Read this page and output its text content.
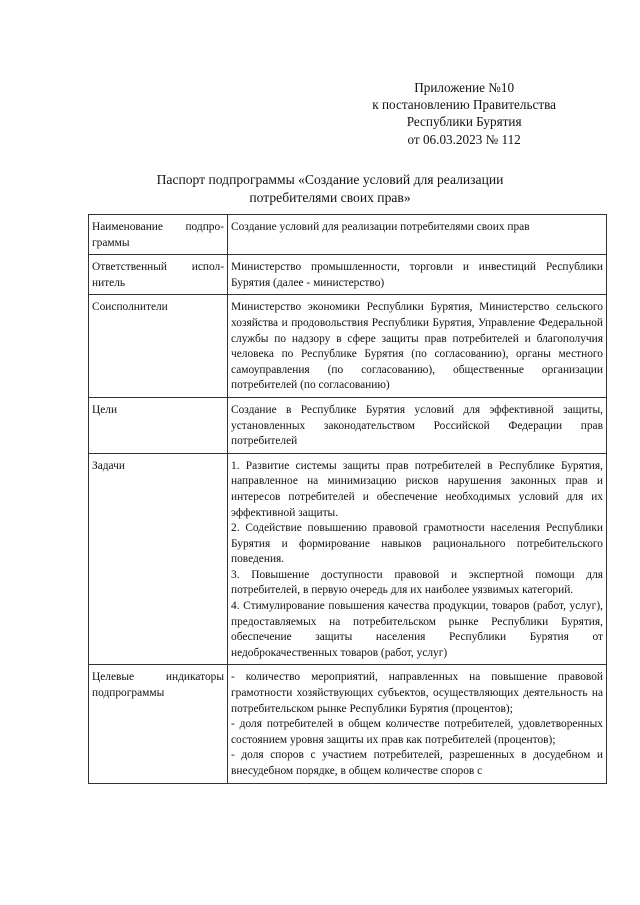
Приложение №10
к постановлению Правительства
Республики Бурятия
от 06.03.2023 № 112
Паспорт подпрограммы «Создание условий для реализации
потребителями своих прав»
Наименование подпро-граммы	Создание условий для реализации потребителями своих прав

Ответственный испол-нитель	Министерство промышленности, торговли и инвестиций Республики Бурятия (далее - министерство)

Соисполнители	Министерство экономики Республики Бурятия, Министерство сельского хозяйства и продовольствия Республики Бурятия, Управление Федеральной службы по надзору в сфере защиты прав потребителей и благополучия человека по Республике Бурятия (по согласованию), органы местного самоуправления (по согласованию), общественные организации потребителей (по согласованию)

Цели	Создание в Республике Бурятия условий для эффективной защиты, установленных законодательством Российской Федерации прав потребителей

Задачи	1. Развитие системы защиты прав потребителей в Республике Бурятия, направленное на минимизацию рисков нарушения законных прав и интересов потребителей и обеспечение необходимых условий для их эффективной защиты.
2. Содействие повышению правовой грамотности населения Республики Бурятия и формирование навыков рационального потребительского поведения.
3. Повышение доступности правовой и экспертной помощи для потребителей, в первую очередь для их наиболее уязвимых категорий.
4. Стимулирование повышения качества продукции, товаров (работ, услуг), предоставляемых на потребительском рынке Республики Бурятия, обеспечение защиты населения Республики Бурятия от недоброкачественных товаров (работ, услуг)

Целевые индикаторы подпрограммы	- количество мероприятий, направленных на повышение правовой грамотности хозяйствующих субъектов, осуществляющих деятельность на потребительском рынке Республики Бурятия (процентов);
- доля потребителей в общем количестве потребителей, удовлетворенных состоянием уровня защиты их прав как потребителей (процентов);
- доля споров с участием потребителей, разрешенных в досудебном и внесудебном порядке, в общем количестве споров с
